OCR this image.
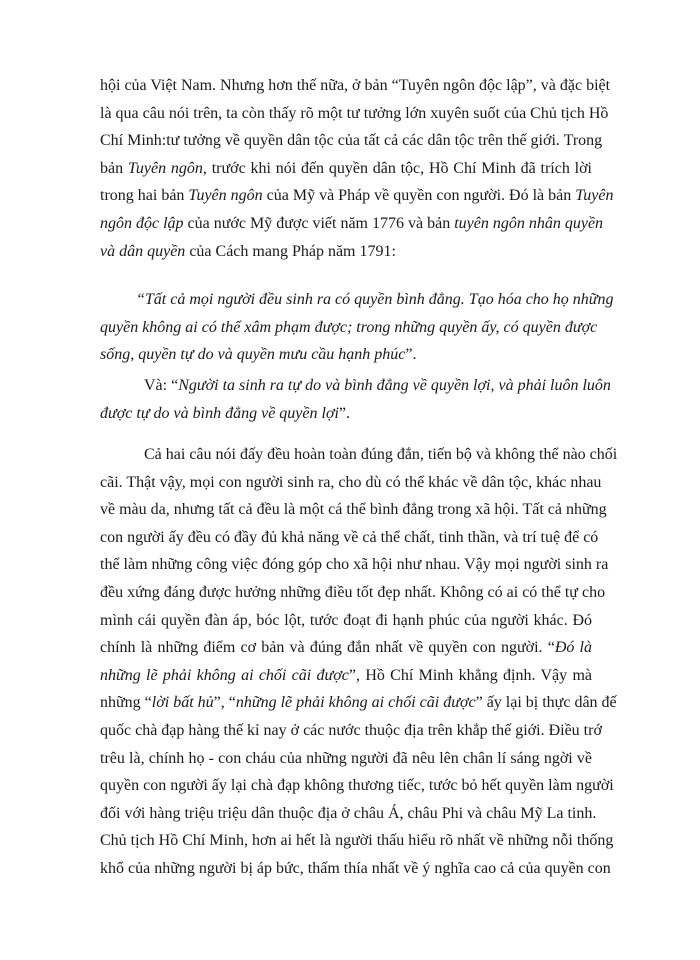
hội của Việt Nam. Nhưng hơn thế nữa, ở bản “Tuyên ngôn độc lập”, và đặc biệt
là qua câu nói trên, ta còn thấy rõ một tư tưởng lớn xuyên suốt của Chủ tịch Hồ
Chí Minh:tư tưởng về quyền dân tộc của tất cả các dân tộc trên thế giới. Trong
bản Tuyên ngôn, trước khi nói đến quyền dân tộc, Hồ Chí Minh đã trích lời
trong hai bản Tuyên ngôn của Mỹ và Pháp về quyền con người. Đó là bản Tuyên
ngôn độc lập của nước Mỹ được viết năm 1776 và bản tuyên ngôn nhân quyền
và dân quyền của Cách mang Pháp năm 1791:
“Tất cả mọi người đều sinh ra có quyền bình đẳng. Tạo hóa cho họ những
quyền không ai có thể xâm phạm được; trong những quyền ấy, có quyền được
sống, quyền tự do và quyền mưu cầu hạnh phúc”.
Và: “Người ta sinh ra tự do và bình đẳng về quyền lợi, và phải luôn luôn
được tự do và bình đẳng về quyền lợi”.
Cả hai câu nói đấy đều hoàn toàn đúng đắn, tiến bộ và không thể nào chối
cãi. Thật vậy, mọi con người sinh ra, cho dù có thể khác về dân tộc, khác nhau
về màu da, nhưng tất cả đều là một cá thể bình đẳng trong xã hội. Tất cả những
con người ấy đều có đầy đủ khả năng về cả thể chất, tinh thần, và trí tuệ để có
thể làm những công việc đóng góp cho xã hội như nhau. Vậy mọi người sinh ra
đều xứng đáng được hưởng những điều tốt đẹp nhất. Không có ai có thể tự cho
mình cái quyền đàn áp, bóc lột, tước đoạt đi hạnh phúc của người khác. Đó
chính là những điểm cơ bản và đúng đắn nhất về quyền con người. “Đó là
những lẽ phải không ai chối cãi được”, Hồ Chí Minh khẳng định. Vậy mà
những “lời bất hủ”, “những lẽ phải không ai chối cãi được” ấy lại bị thực dân đế
quốc chà đạp hàng thế kỉ nay ở các nước thuộc địa trên khắp thế giới. Điều trớ
trêu là, chính họ - con cháu của những người đã nêu lên chân lí sáng ngời về
quyền con người ấy lại chà đạp không thương tiếc, tước bỏ hết quyền làm người
đối với hàng triệu triệu dân thuộc địa ở châu Á, châu Phi và châu Mỹ La tinh.
Chủ tịch Hồ Chí Minh, hơn ai hết là người thấu hiểu rõ nhất về những nỗi thống
khổ của những người bị áp bức, thấm thía nhất về ý nghĩa cao cả của quyền con
